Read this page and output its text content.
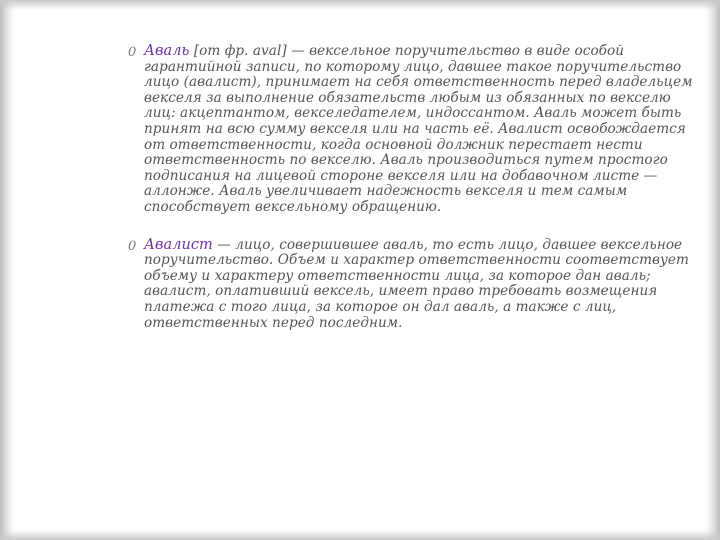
0 Аваль [от фр. aval] — вексельное поручительство в виде особой гарантийной записи, по которому лицо, давшее такое поручительство лицо (авалист), принимает на себя ответственность перед владельцем векселя за выполнение обязательств любым из обязанных по векселю лиц: акцептантом, векселедателем, индоссантом. Аваль может быть принят на всю сумму векселя или на часть её. Авалист освобождается от ответственности, когда основной должник перестает нести ответственность по векселю. Аваль производиться путем простого подписания на лицевой стороне векселя или на добавочном листе — аллонже. Аваль увеличивает надежность векселя и тем самым способствует вексельному обращению.
0 Авалист — лицо, совершившее аваль, то есть лицо, давшее вексельное поручительство. Объем и характер ответственности соответствует объему и характеру ответственности лица, за которое дан аваль; авалист, оплативший вексель, имеет право требовать возмещения платежа с того лица, за которое он дал аваль, а также с лиц, ответственных перед последним.
